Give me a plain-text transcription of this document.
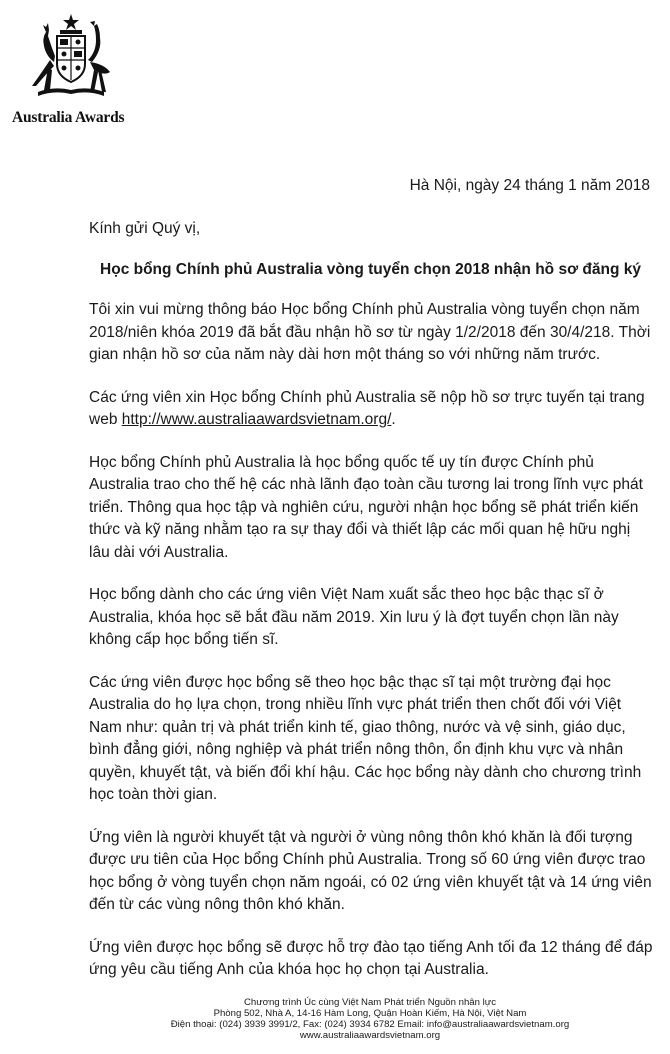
Australia Awards
Hà Nội, ngày 24 tháng 1 năm 2018
Kính gửi Quý vị,
Học bổng Chính phủ Australia vòng tuyển chọn 2018 nhận hồ sơ đăng ký

Tôi xin vui mừng thông báo Học bổng Chính phủ Australia vòng tuyển chọn năm 2018/niên khóa 2019 đã bắt đầu nhận hồ sơ từ ngày 1/2/2018 đến 30/4/218. Thời gian nhận hồ sơ của năm này dài hơn một tháng so với những năm trước.

Các ứng viên xin Học bổng Chính phủ Australia sẽ nộp hồ sơ trực tuyến tại trang web http://www.australiaawardsvietnam.org/.

Học bổng Chính phủ Australia là học bổng quốc tế uy tín được Chính phủ Australia trao cho thế hệ các nhà lãnh đạo toàn cầu tương lai trong lĩnh vực phát triển. Thông qua học tập và nghiên cứu, người nhận học bổng sẽ phát triển kiến thức và kỹ năng nhằm tạo ra sự thay đổi và thiết lập các mối quan hệ hữu nghị lâu dài với Australia.

Học bổng dành cho các ứng viên Việt Nam xuất sắc theo học bậc thạc sĩ ở Australia, khóa học sẽ bắt đầu năm 2019. Xin lưu ý là đợt tuyển chọn lần này không cấp học bổng tiến sĩ.

Các ứng viên được học bổng sẽ theo học bậc thạc sĩ tại một trường đại học Australia do họ lựa chọn, trong nhiều lĩnh vực phát triển then chốt đối với Việt Nam như: quản trị và phát triển kinh tế, giao thông, nước và vệ sinh, giáo dục, bình đẳng giới, nông nghiệp và phát triển nông thôn, ổn định khu vực và nhân quyền, khuyết tật, và biến đổi khí hậu. Các học bổng này dành cho chương trình học toàn thời gian.

Ứng viên là người khuyết tật và người ở vùng nông thôn khó khăn là đối tượng được ưu tiên của Học bổng Chính phủ Australia. Trong số 60 ứng viên được trao học bổng ở vòng tuyển chọn năm ngoái, có 02 ứng viên khuyết tật và 14 ứng viên đến từ các vùng nông thôn khó khăn.

Ứng viên được học bổng sẽ được hỗ trợ đào tạo tiếng Anh tối đa 12 tháng để đáp ứng yêu cầu tiếng Anh của khóa học họ chọn tại Australia.

Chương trình Úc cùng Việt Nam Phát triển Nguồn nhân lực
Phòng 502, Nhà A, 14-16 Hàm Long, Quận Hoàn Kiếm, Hà Nội, Việt Nam
Điện thoại: (024) 3939 3991/2, Fax: (024) 3934 6782 Email: info@australiaawardsvietnam.org
www.australiaawardsvietnam.org
